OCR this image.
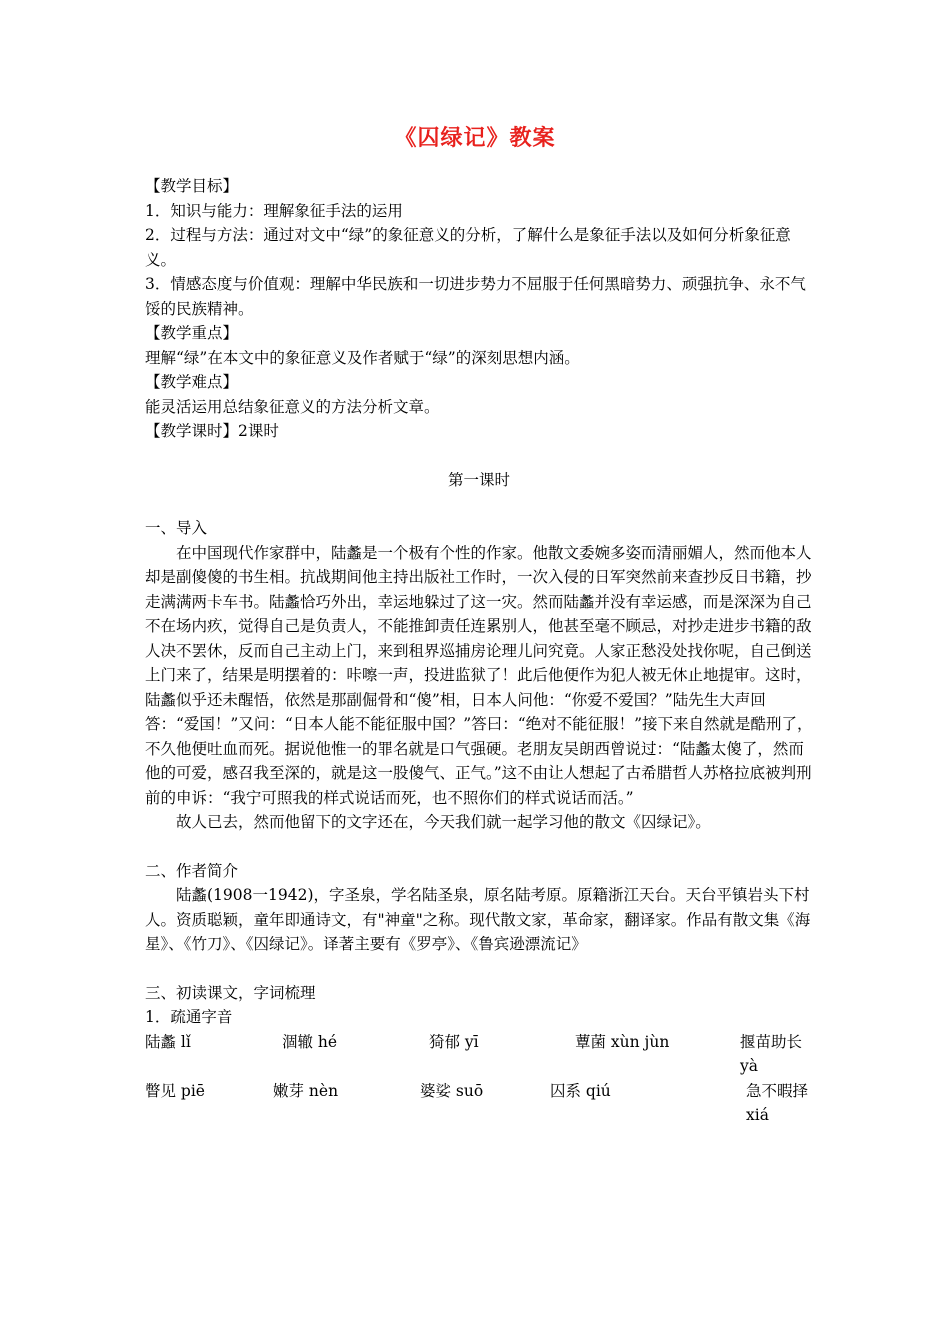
《囚绿记》教案

【教学目标】

1．知识与能力：理解象征手法的运用

2．过程与方法：通过对文中“绿”的象征意义的分析，了解什么是象征手法以及如何分析象征意义。

3．情感态度与价值观：理解中华民族和一切进步势力不屈服于任何黑暗势力、顽强抗争、永不气馁的民族精神。

【教学重点】

理解“绿”在本文中的象征意义及作者赋于“绿”的深刻思想内涵。

【教学难点】

能灵活运用总结象征意义的方法分析文章。

【教学课时】2课时

第一课时

一、导入

在中国现代作家群中，陆蠡是一个极有个性的作家。他散文委婉多姿而清丽媚人，然而他本人却是副傻傻的书生相。抗战期间他主持出版社工作时，一次入侵的日军突然前来查抄反日书籍，抄走满满两卡车书。陆蠡恰巧外出，幸运地躲过了这一灾。然而陆蠡并没有幸运感，而是深深为自己不在场内疚，觉得自己是负责人，不能推卸责任连累别人，他甚至毫不顾忌，对抄走进步书籍的敌人决不罢休，反而自己主动上门，来到租界巡捕房论理儿问究竟。人家正愁没处找你呢，自己倒送上门来了，结果是明摆着的：咔嚓一声，投进监狱了！此后他便作为犯人被无休止地提审。这时，陆蠡似乎还未醒悟，依然是那副倔骨和“傻”相，日本人问他：“你爱不爱国？”陆先生大声回答：“爱国！”又问：“日本人能不能征服中国？”答曰：“绝对不能征服！”接下来自然就是酷刑了，不久他便吐血而死。据说他惟一的罪名就是口气强硬。老朋友吴朗西曾说过：“陆蠡太傻了，然而他的可爱，感召我至深的，就是这一股傻气、正气。”这不由让人想起了古希腊哲人苏格拉底被判刑前的申诉：“我宁可照我的样式说话而死，也不照你们的样式说话而活。”

故人已去，然而他留下的文字还在，今天我们就一起学习他的散文《囚绿记》。

二、作者简介

陆蠡(1908一1942)，字圣泉，学名陆圣泉，原名陆考原。原籍浙江天台。天台平镇岩头下村人。资质聪颖，童年即通诗文，有"神童"之称。现代散文家，革命家，翻译家。作品有散文集《海星》、《竹刀》、《囚绿记》。译著主要有《罗亭》、《鲁宾逊漂流记》

三、初读课文，字词梳理

1．疏通字音

陆蠡 lǐ	涸辙 hé	猗郁 yī	蕈菌 xùn jùn	揠苗助长 yà
瞥见 piē	嫩芽 nèn	婆娑 suō	囚系 qiú	急不暇择 xiá
